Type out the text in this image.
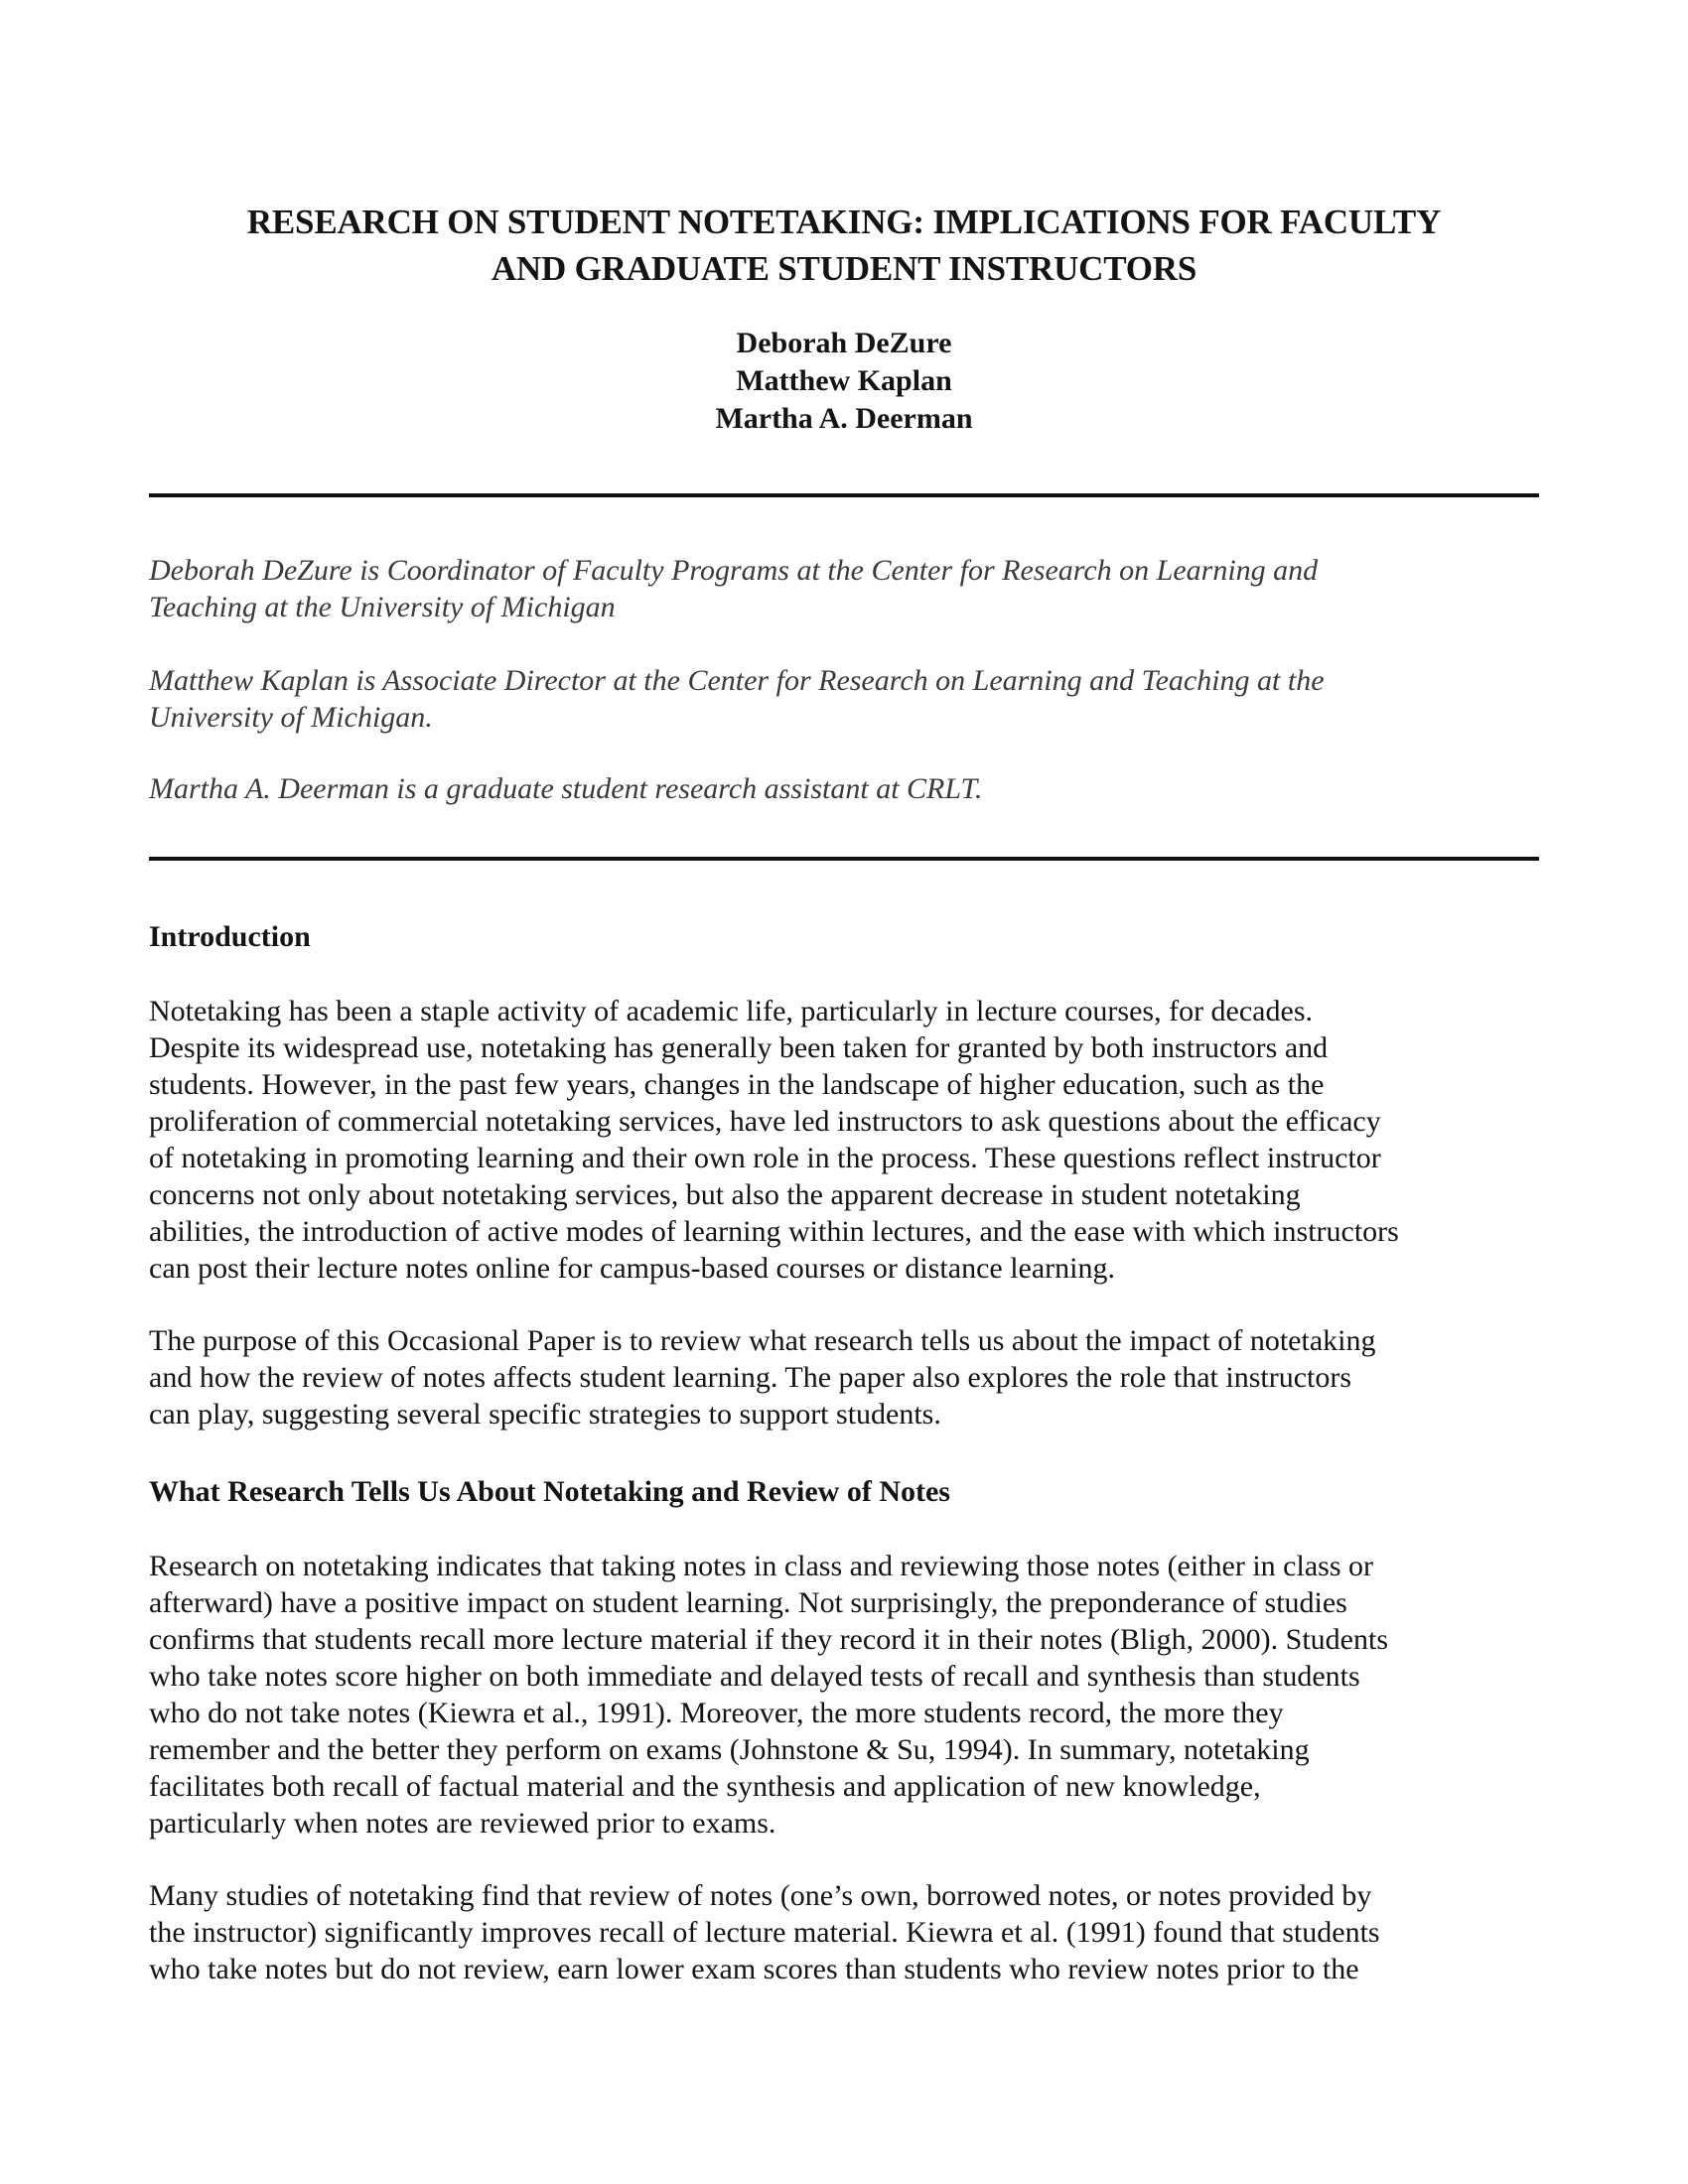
RESEARCH ON STUDENT NOTETAKING: IMPLICATIONS FOR FACULTY
AND GRADUATE STUDENT INSTRUCTORS
Deborah DeZure
Matthew Kaplan
Martha A. Deerman

Deborah DeZure is Coordinator of Faculty Programs at the Center for Research on Learning and
Teaching at the University of Michigan

Matthew Kaplan is Associate Director at the Center for Research on Learning and Teaching at the
University of Michigan.

Martha A. Deerman is a graduate student research assistant at CRLT.

Introduction

Notetaking has been a staple activity of academic life, particularly in lecture courses, for decades.
Despite its widespread use, notetaking has generally been taken for granted by both instructors and
students. However, in the past few years, changes in the landscape of higher education, such as the
proliferation of commercial notetaking services, have led instructors to ask questions about the efficacy
of notetaking in promoting learning and their own role in the process. These questions reflect instructor
concerns not only about notetaking services, but also the apparent decrease in student notetaking
abilities, the introduction of active modes of learning within lectures, and the ease with which instructors
can post their lecture notes online for campus-based courses or distance learning.

The purpose of this Occasional Paper is to review what research tells us about the impact of notetaking
and how the review of notes affects student learning. The paper also explores the role that instructors
can play, suggesting several specific strategies to support students.

What Research Tells Us About Notetaking and Review of Notes

Research on notetaking indicates that taking notes in class and reviewing those notes (either in class or
afterward) have a positive impact on student learning. Not surprisingly, the preponderance of studies
confirms that students recall more lecture material if they record it in their notes (Bligh, 2000). Students
who take notes score higher on both immediate and delayed tests of recall and synthesis than students
who do not take notes (Kiewra et al., 1991). Moreover, the more students record, the more they
remember and the better they perform on exams (Johnstone & Su, 1994). In summary, notetaking
facilitates both recall of factual material and the synthesis and application of new knowledge,
particularly when notes are reviewed prior to exams.

Many studies of notetaking find that review of notes (one’s own, borrowed notes, or notes provided by
the instructor) significantly improves recall of lecture material. Kiewra et al. (1991) found that students
who take notes but do not review, earn lower exam scores than students who review notes prior to the
